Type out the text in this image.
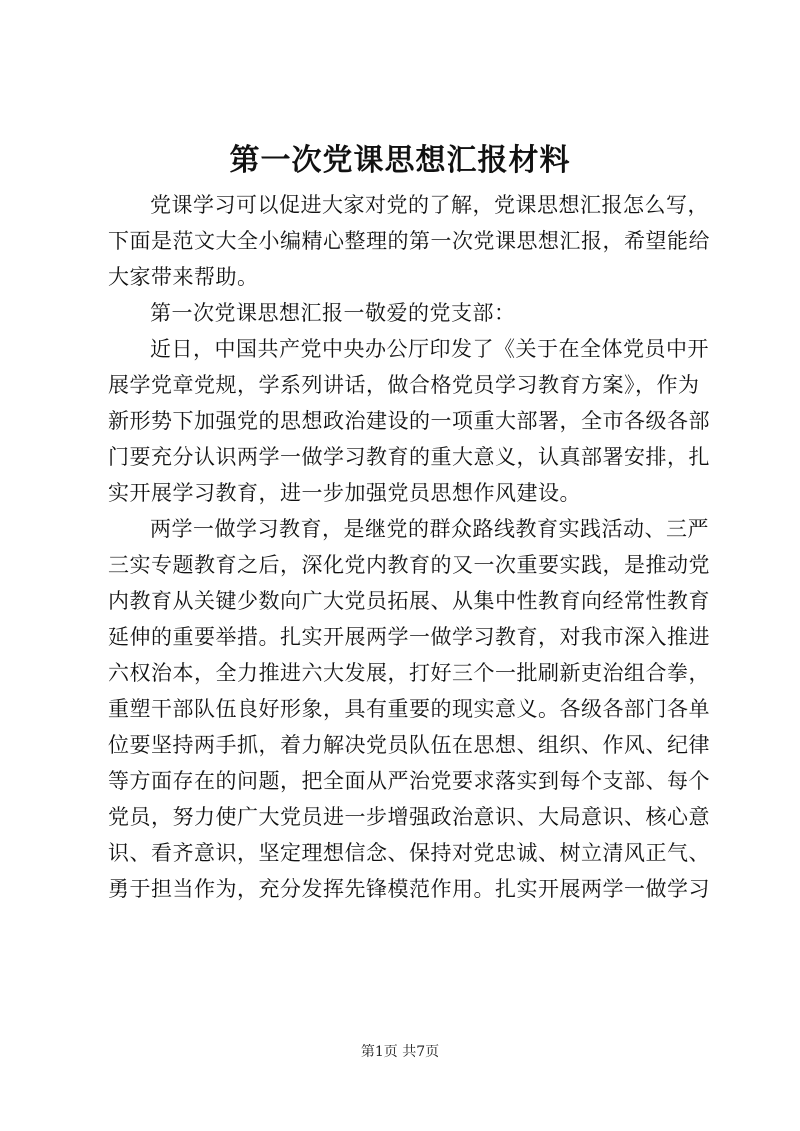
第一次党课思想汇报材料
党课学习可以促进大家对党的了解，党课思想汇报怎么写，
下面是范文大全小编精心整理的第一次党课思想汇报，希望能给
大家带来帮助。
第一次党课思想汇报一敬爱的党支部：
近日，中国共产党中央办公厅印发了《关于在全体党员中开
展学党章党规，学系列讲话，做合格党员学习教育方案》，作为
新形势下加强党的思想政治建设的一项重大部署，全市各级各部
门要充分认识两学一做学习教育的重大意义，认真部署安排，扎
实开展学习教育，进一步加强党员思想作风建设。
两学一做学习教育，是继党的群众路线教育实践活动、三严
三实专题教育之后，深化党内教育的又一次重要实践，是推动党
内教育从关键少数向广大党员拓展、从集中性教育向经常性教育
延伸的重要举措。扎实开展两学一做学习教育，对我市深入推进
六权治本，全力推进六大发展，打好三个一批刷新吏治组合拳，
重塑干部队伍良好形象，具有重要的现实意义。各级各部门各单
位要坚持两手抓，着力解决党员队伍在思想、组织、作风、纪律
等方面存在的问题，把全面从严治党要求落实到每个支部、每个
党员，努力使广大党员进一步增强政治意识、大局意识、核心意
识、看齐意识，坚定理想信念、保持对党忠诚、树立清风正气、
勇于担当作为，充分发挥先锋模范作用。扎实开展两学一做学习
第1页 共7页
